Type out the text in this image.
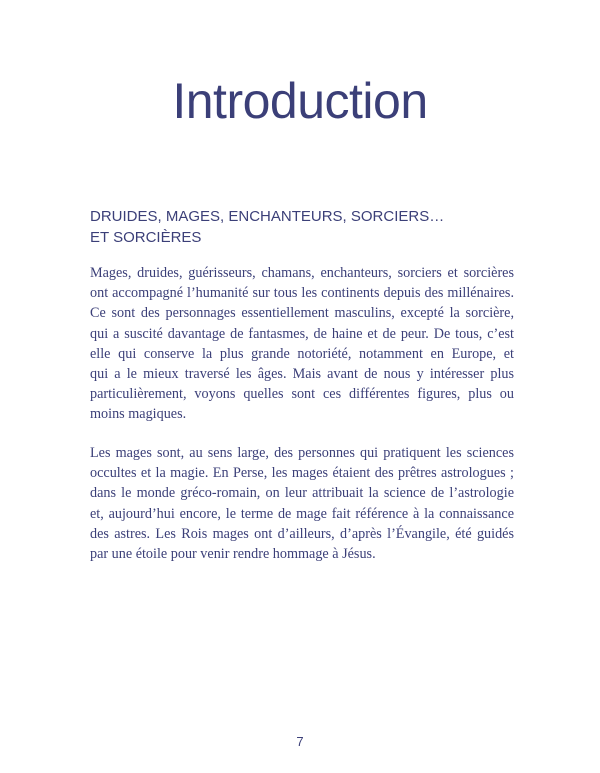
Introduction
DRUIDES, MAGES, ENCHANTEURS, SORCIERS…
ET SORCIÈRES

Mages, druides, guérisseurs, chamans, enchanteurs, sorciers et sorcières
ont accompagné l’humanité sur tous les continents depuis des millénaires.
Ce sont des personnages essentiellement masculins, excepté la sorcière,
qui a suscité davantage de fantasmes, de haine et de peur. De tous, c’est
elle qui conserve la plus grande notoriété, notamment en Europe, et
qui a le mieux traversé les âges. Mais avant de nous y intéresser plus
particulièrement, voyons quelles sont ces différentes figures, plus ou
moins magiques.

Les mages sont, au sens large, des personnes qui pratiquent les sciences
occultes et la magie. En Perse, les mages étaient des prêtres astrologues ;
dans le monde gréco-romain, on leur attribuait la science de l’astrologie
et, aujourd’hui encore, le terme de mage fait référence à la connaissance
des astres. Les Rois mages ont d’ailleurs, d’après l’Évangile, été guidés
par une étoile pour venir rendre hommage à Jésus.

7
